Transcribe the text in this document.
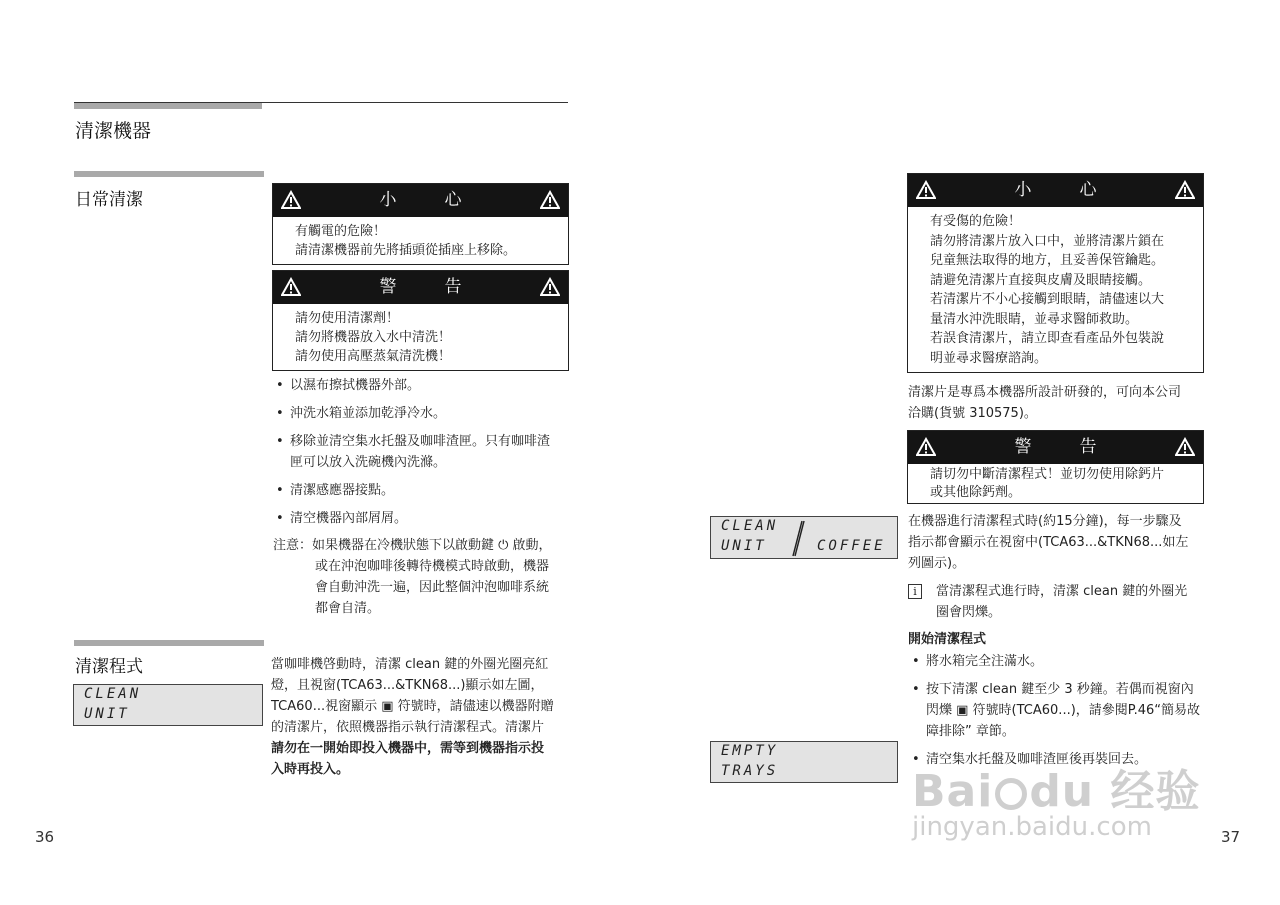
清潔機器
日常清潔	小心
有觸電的危險！
請清潔機器前先將插頭從插座上移除。
警告
請勿使用清潔劑！
請勿將機器放入水中清洗！
請勿使用高壓蒸氣清洗機！
• 以濕布擦拭機器外部。
• 沖洗水箱並添加乾淨冷水。
• 移除並清空集水托盤及咖啡渣匣。只有咖啡渣
匣可以放入洗碗機內洗滌。
• 清潔感應器接點。
• 清空機器內部屑屑。
注意：如果機器在冷機狀態下以啟動鍵 ⏻ 啟動，
或在沖泡咖啡後轉待機模式時啟動，機器
會自動沖洗一遍，因此整個沖泡咖啡系統
都會自清。
清潔程式
CLEAN
UNIT
當咖啡機啓動時，清潔 clean 鍵的外圈光圈亮紅
燈，且視窗(TCA63...&TKN68...)顯示如左圖，
TCA60...視窗顯示 ▣ 符號時，請儘速以機器附贈
的清潔片，依照機器指示執行清潔程式。清潔片
請勿在一開始即投入機器中，需等到機器指示投
入時再投入。
36
小心
有受傷的危險！
請勿將清潔片放入口中，並將清潔片鎖在
兒童無法取得的地方，且妥善保管鑰匙。
請避免清潔片直接與皮膚及眼睛接觸。
若清潔片不小心接觸到眼睛，請儘速以大
量清水沖洗眼睛，並尋求醫師救助。
若誤食清潔片，請立即查看產品外包裝說
明並尋求醫療諮詢。
清潔片是專爲本機器所設計研發的，可向本公司
洽購(貨號 310575)。
警告
請切勿中斷清潔程式！並切勿使用除鈣片
或其他除鈣劑。
CLEAN
UNIT	COFFEE
在機器進行清潔程式時(約15分鐘)，每一步驟及
指示都會顯示在視窗中(TCA63...&TKN68...如左
列圖示)。
i	當清潔程式進行時，清潔 clean 鍵的外圈光
圈會閃爍。
開始清潔程式
• 將水箱完全注滿水。
• 按下清潔 clean 鍵至少 3 秒鐘。若偶而視窗內
閃爍 ▣ 符號時(TCA60...)，請參閱P.46“簡易故
障排除” 章節。
• 清空集水托盤及咖啡渣匣後再裝回去。
EMPTY
TRAYS	Bai du 经验
jingyan.baidu.com	37
